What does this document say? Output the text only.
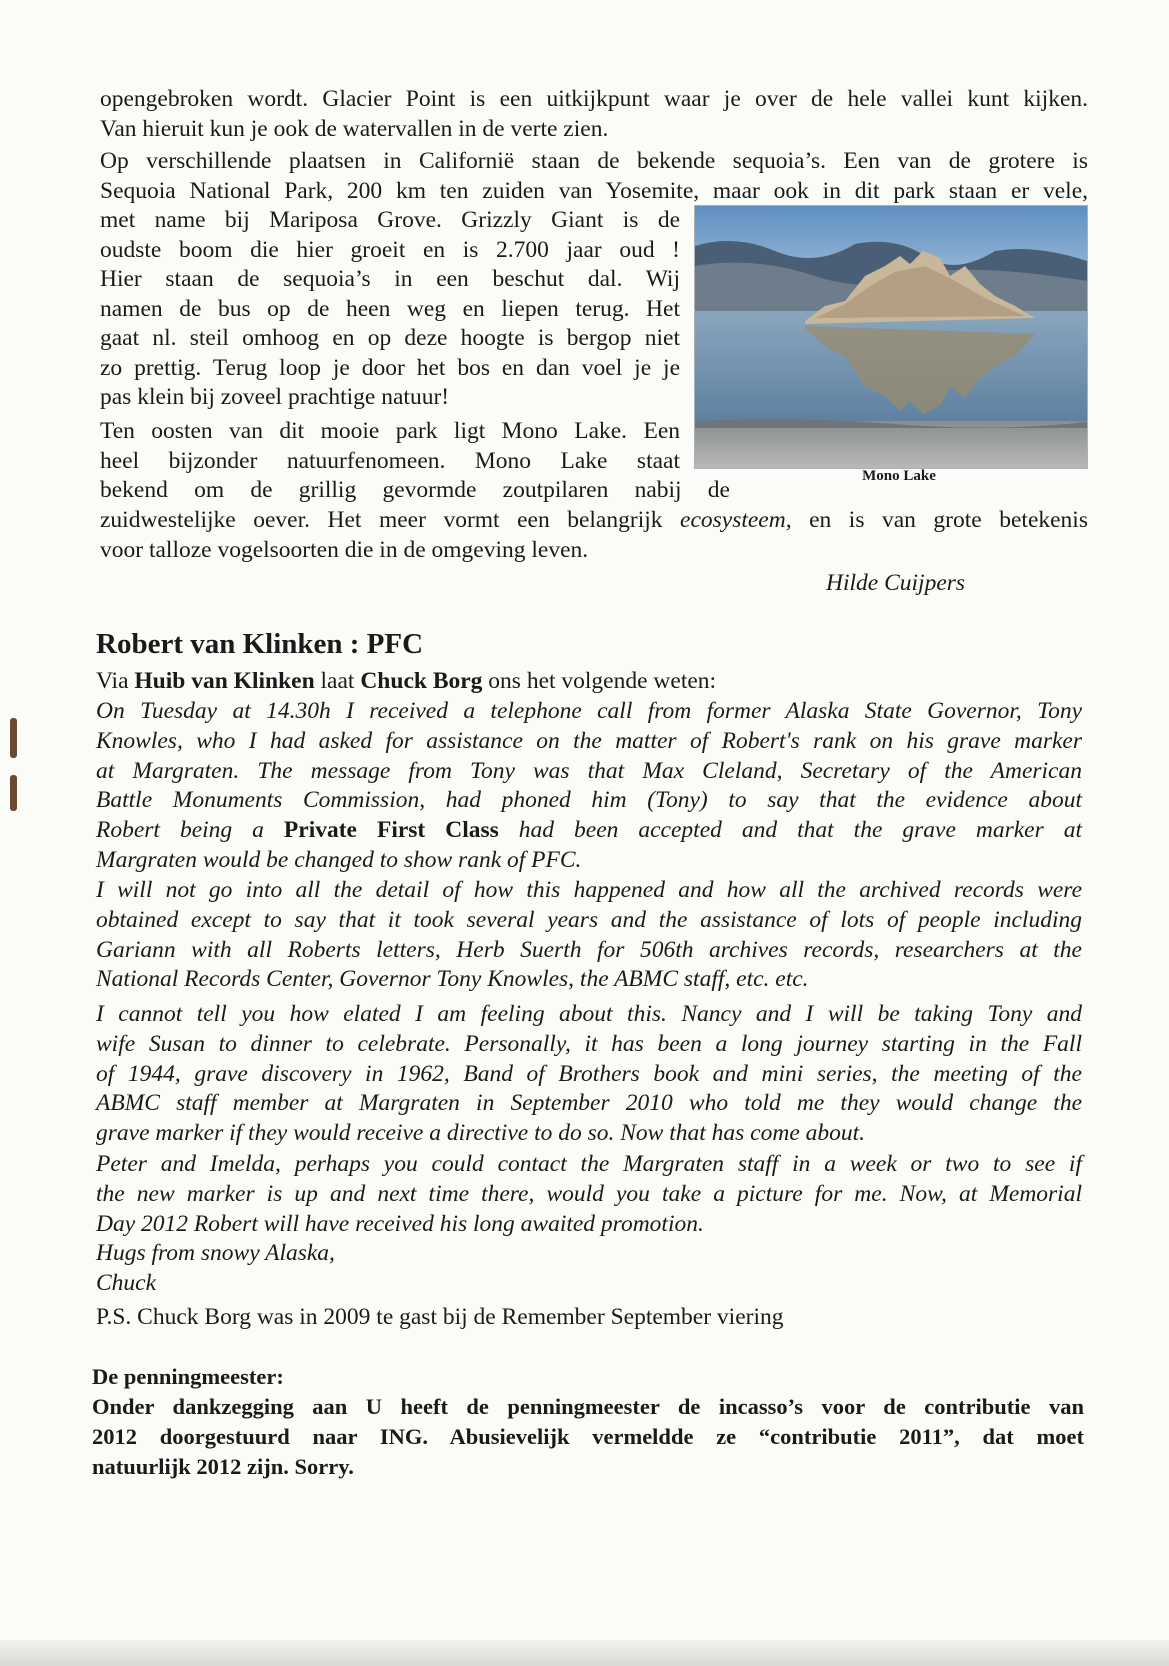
opengebroken wordt. Glacier Point is een uitkijkpunt waar je over de hele vallei kunt kijken.
Van hieruit kun je ook de watervallen in de verte zien.
Op verschillende plaatsen in Californië staan de bekende sequoia’s. Een van de grotere is
Sequoia National Park, 200 km ten zuiden van Yosemite, maar ook in dit park staan er vele,
met name bij Mariposa Grove. Grizzly Giant is de
oudste boom die hier groeit en is 2.700 jaar oud !
Hier staan de sequoia’s in een beschut dal. Wij
namen de bus op de heen weg en liepen terug. Het
gaat nl. steil omhoog en op deze hoogte is bergop niet
zo prettig. Terug loop je door het bos en dan voel je je
pas klein bij zoveel prachtige natuur!
Ten oosten van dit mooie park ligt Mono Lake. Een
heel bijzonder natuurfenomeen. Mono Lake staat
bekend om de grillig gevormde zoutpilaren nabij de
zuidwestelijke oever. Het meer vormt een belangrijk ecosysteem, en is van grote betekenis
voor talloze vogelsoorten die in de omgeving leven.
Mono Lake
Hilde Cuijpers
Robert van Klinken : PFC
Via Huib van Klinken laat Chuck Borg ons het volgende weten:
On Tuesday at 14.30h I received a telephone call from former Alaska State Governor, Tony
Knowles, who I had asked for assistance on the matter of Robert's rank on his grave marker
at Margraten. The message from Tony was that Max Cleland, Secretary of the American
Battle Monuments Commission, had phoned him (Tony) to say that the evidence about
Robert being a Private First Class had been accepted and that the grave marker at
Margraten would be changed to show rank of PFC.
I will not go into all the detail of how this happened and how all the archived records were
obtained except to say that it took several years and the assistance of lots of people including
Gariann with all Roberts letters, Herb Suerth for 506th archives records, researchers at the
National Records Center, Governor Tony Knowles, the ABMC staff, etc. etc.
I cannot tell you how elated I am feeling about this. Nancy and I will be taking Tony and
wife Susan to dinner to celebrate. Personally, it has been a long journey starting in the Fall
of 1944, grave discovery in 1962, Band of Brothers book and mini series, the meeting of the
ABMC staff member at Margraten in September 2010 who told me they would change the
grave marker if they would receive a directive to do so. Now that has come about.
Peter and Imelda, perhaps you could contact the Margraten staff in a week or two to see if
the new marker is up and next time there, would you take a picture for me. Now, at Memorial
Day 2012 Robert will have received his long awaited promotion.
Hugs from snowy Alaska,
Chuck
P.S. Chuck Borg was in 2009 te gast bij de Remember September viering
De penningmeester:
Onder dankzegging aan U heeft de penningmeester de incasso’s voor de contributie van
2012 doorgestuurd naar ING. Abusievelijk vermeldde ze “contributie 2011”, dat moet
natuurlijk 2012 zijn. Sorry.
